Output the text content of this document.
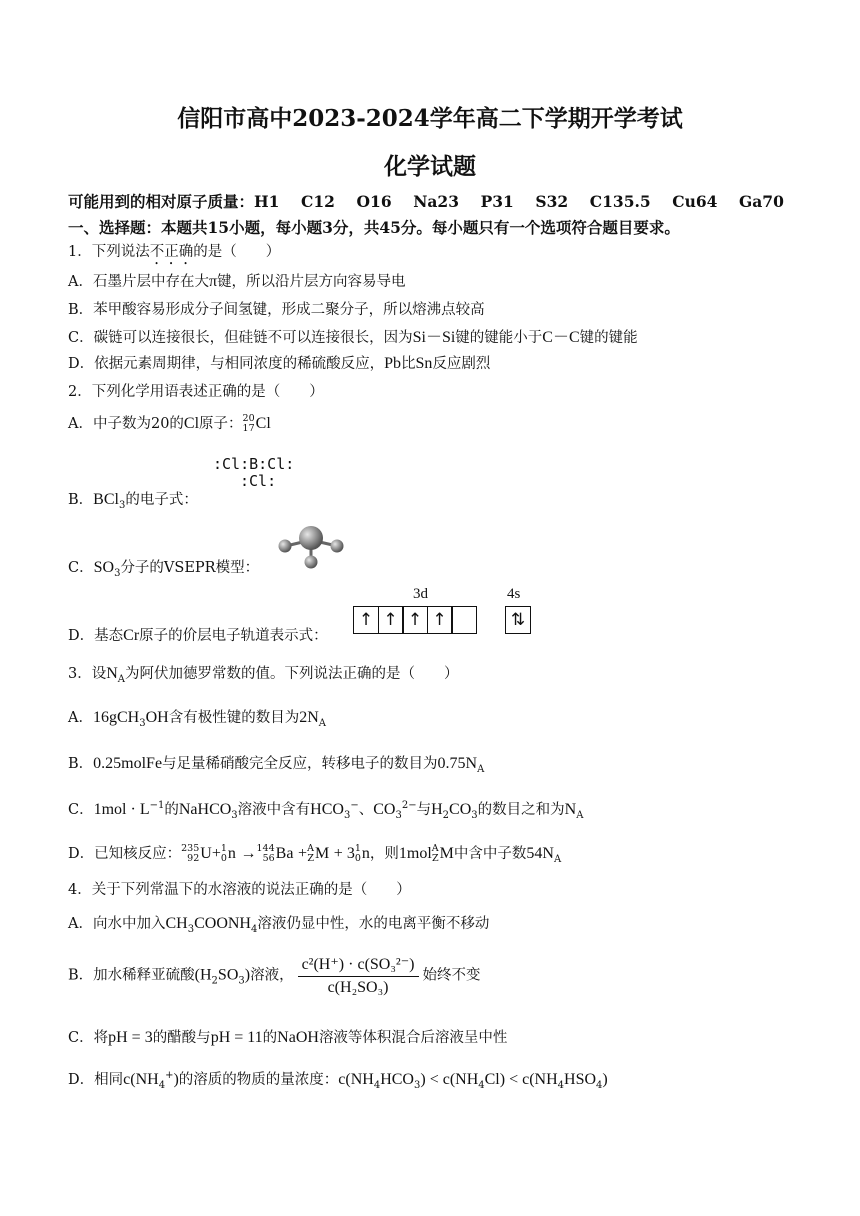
信阳市高中2023-2024学年高二下学期开学考试
化学试题
可能用到的相对原子质量：H1 C12 O16 Na23 P31 S32 C135.5 Cu64 Ga70
一、选择题：本题共15小题，每小题3分，共45分。每小题只有一个选项符合题目要求。
1．下列说法不正确的是（　　）
A．石墨片层中存在大π键，所以沿片层方向容易导电
B．苯甲酸容易形成分子间氢键，形成二聚分子，所以熔沸点较高
C．碳链可以连接很长，但硅链不可以连接很长，因为Si－Si键的键能小于C－C键的键能
D．依据元素周期律，与相同浓度的稀硫酸反应，Pb比Sn反应剧烈
2．下列化学用语表述正确的是（　　）
A．中子数为20的Cl原子：20
17Cl
:Cl:B:Cl:
:Cl:
B．BCl$_3$的电子式：
C．$SO_3$分子的VSEPR模型：
3d	4s
↑ ↑ ↑ ↑	⇅
D．基态Cr原子的价层电子轨道表示式：
3．设$N_A$为阿伏加德罗常数的值。下列说法正确的是（　　）
A．16gCH$_3$OH含有极性键的数目为$2N_A$
B．0.25molFe与足量稀硝酸完全反应，转移电子的数目为$0.75N_A$
C．$1mol \cdot L^{-1}$的NaHCO$_3$溶液中含有$HCO_3^-$、$CO_3^{2-}$与$H_2CO_3$的数目之和为$N_A$
D．已知核反应：235
92U+1
0n →144
56Ba +A
ZM + 31
0n，则1molA
ZM中含中子数$54N_A$
4．关于下列常温下的水溶液的说法正确的是（　　）
A．向水中加入$CH_3COONH_4$溶液仍显中性，水的电离平衡不移动
B．加水稀释亚硫酸$(H_2SO_3)$溶液， $\frac{\text{c²(H⁺) · c(SO₃²⁻)}}{\text{c(H₂SO₃)}}$ 始终不变
C．将pH = 3的醋酸与pH = 11的NaOH溶液等体积混合后溶液呈中性
D．相同$c(NH_4^+)$的溶质的物质的量浓度：$c(NH_4HCO_3) < c(NH_4Cl) < c(NH_4HSO_4)$
